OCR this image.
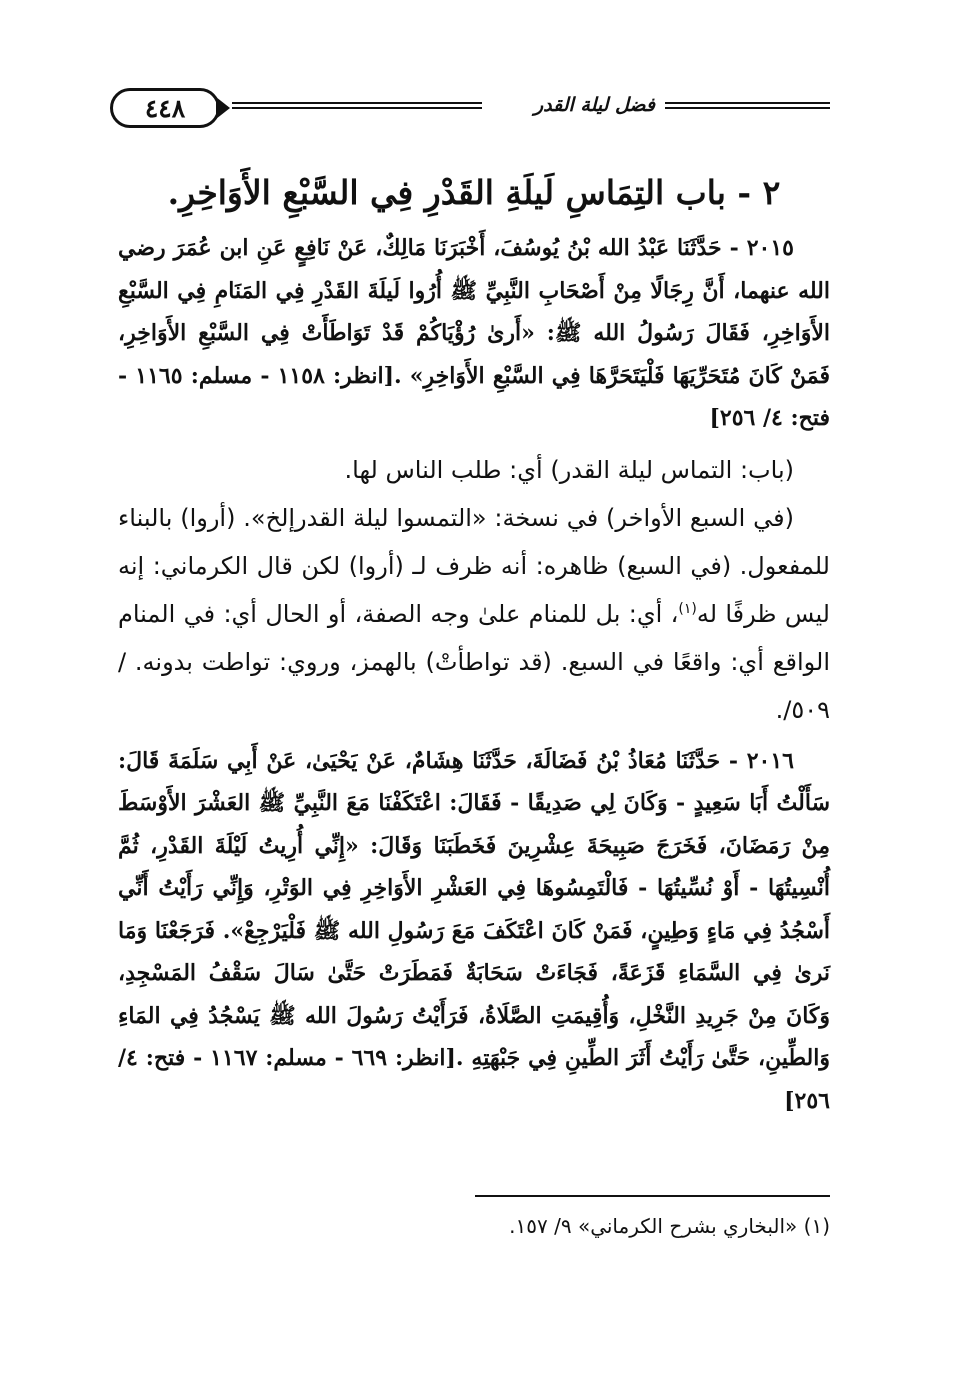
٤٤٨	فضل ليلة القدر
٢ - باب التِمَاسِ لَيلَةِ القَدْرِ فِي السَّبْعِ الأَوَاخِرِ.

٢٠١٥ - حَدَّثَنَا عَبْدُ الله بْنُ يُوسُفَ، أَخْبَرَنَا مَالِكٌ، عَنْ نَافِعٍ عَنِ ابن عُمَرَ رضي الله عنهما، أَنَّ رِجَالًا مِنْ أَصْحَابِ النَّبِيِّ ﷺ أُرُوا لَيلَةَ القَدْرِ فِي المَنَامِ فِي السَّبْعِ الأَوَاخِرِ، فَقَالَ رَسُولُ الله ﷺ: «أَرىٰ رُؤْيَاكُمْ قَدْ تَوَاطَأَتْ فِي السَّبْعِ الأَوَاخِرِ، فَمَنْ كَانَ مُتَحَرِّيَهَا فَلْيَتَحَرَّهَا فِي السَّبْعِ الأَوَاخِرِ» .[انظر: ١١٥٨ - مسلم: ١١٦٥ - فتح: ٤/ ٢٥٦]

(باب: التماس ليلة القدر) أي: طلب الناس لها.

(في السبع الأواخر) في نسخة: «التمسوا ليلة القدرإلخ». (أروا) بالبناء للمفعول. (في السبع) ظاهره: أنه ظرف لـ (أروا) لكن قال الكرماني: إنه ليس ظرفًا له$^{(١)}$، أي: بل للمنام علىٰ وجه الصفة، أو الحال أي: في المنام الواقع أي: واقعًا في السبع. (قد تواطأتْ) بالهمز، وروي: تواطت بدونه. /٥٠٩/.

٢٠١٦ - حَدَّثَنَا مُعَاذُ بْنُ فَضَالَةَ، حَدَّثَنَا هِشَامٌ، عَنْ يَحْيَىٰ، عَنْ أَبِي سَلَمَةَ قَالَ: سَأَلْتُ أَبَا سَعِيدٍ - وَكَانَ لِي صَدِيقًا - فَقَالَ: اعْتَكَفْنَا مَعَ النَّبِيِّ ﷺ العَشْرَ الأَوْسَطَ مِنْ رَمَضَانَ، فَخَرَجَ صَبِيحَةَ عِشْرِينَ فَخَطَبَنَا وَقَالَ: «إِنِّي أُرِيتُ لَيْلَةَ القَدْرِ، ثُمَّ أُنْسِيتُهَا - أَوْ نُسِّيتُهَا - فَالْتَمِسُوهَا فِي العَشْرِ الأَوَاخِرِ فِي الوَتْرِ، وَإِنِّي رَأَيْتُ أَنِّي أَسْجُدُ فِي مَاءٍ وَطِينٍ، فَمَنْ كَانَ اعْتَكَفَ مَعَ رَسُولِ الله ﷺ فَلْيَرْجِعْ». فَرَجَعْنَا وَمَا نَرىٰ فِي السَّمَاءِ قَزَعَةً، فَجَاءَتْ سَحَابَةٌ فَمَطَرَتْ حَتَّىٰ سَالَ سَقْفُ المَسْجِدِ، وَكَانَ مِنْ جَرِيدِ النَّخْلِ، وَأُقِيمَتِ الصَّلَاةُ، فَرَأَيْتُ رَسُولَ الله ﷺ يَسْجُدُ فِي المَاءِ وَالطِّينِ، حَتَّىٰ رَأَيْتُ أَثَرَ الطِّينِ فِي جَبْهَتِهِ .[انظر: ٦٦٩ - مسلم: ١١٦٧ - فتح: ٤/ ٢٥٦]

(١) «البخاري بشرح الكرماني» ٩/ ١٥٧.
